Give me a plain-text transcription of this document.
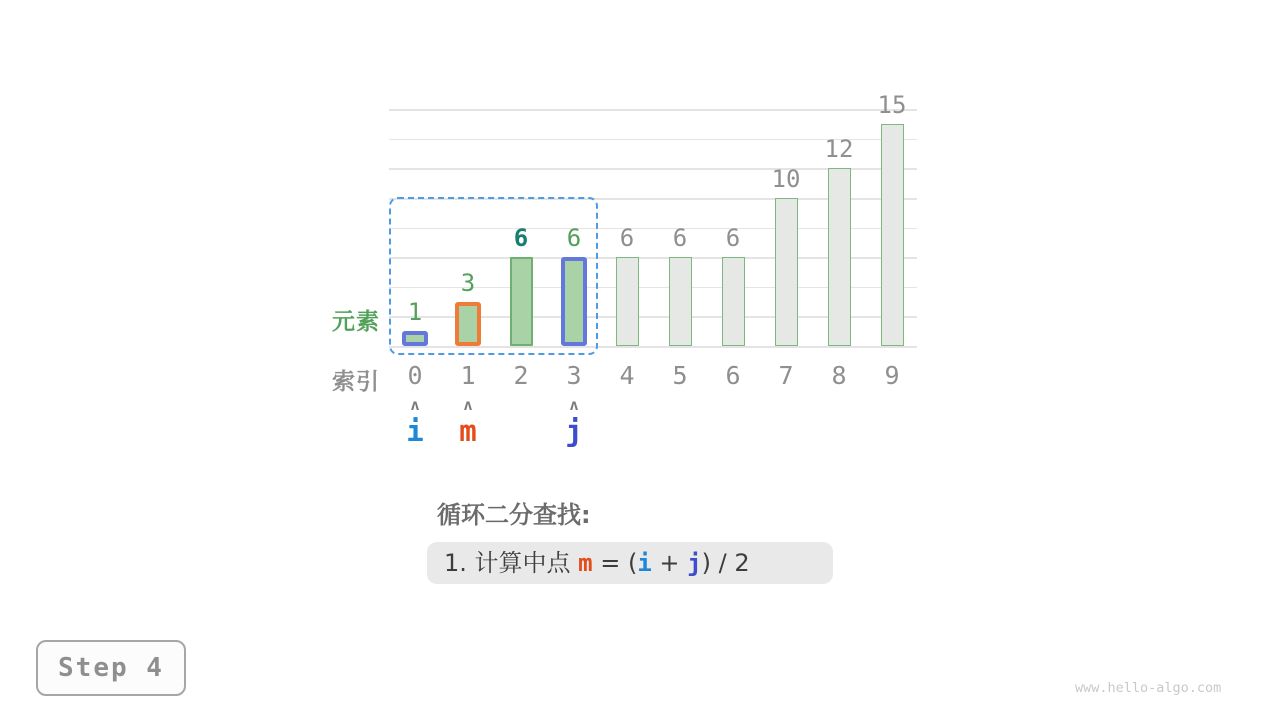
1
0
3
1
6
2
6
3
6
4
6
5
6
6
10
7
12
8
15
9
ʌ
i
ʌ
m
ʌ
j
元素
索引
循环二分查找:
1. 计算中点 m = (i + j) / 2
Step 4
www.hello-algo.com
